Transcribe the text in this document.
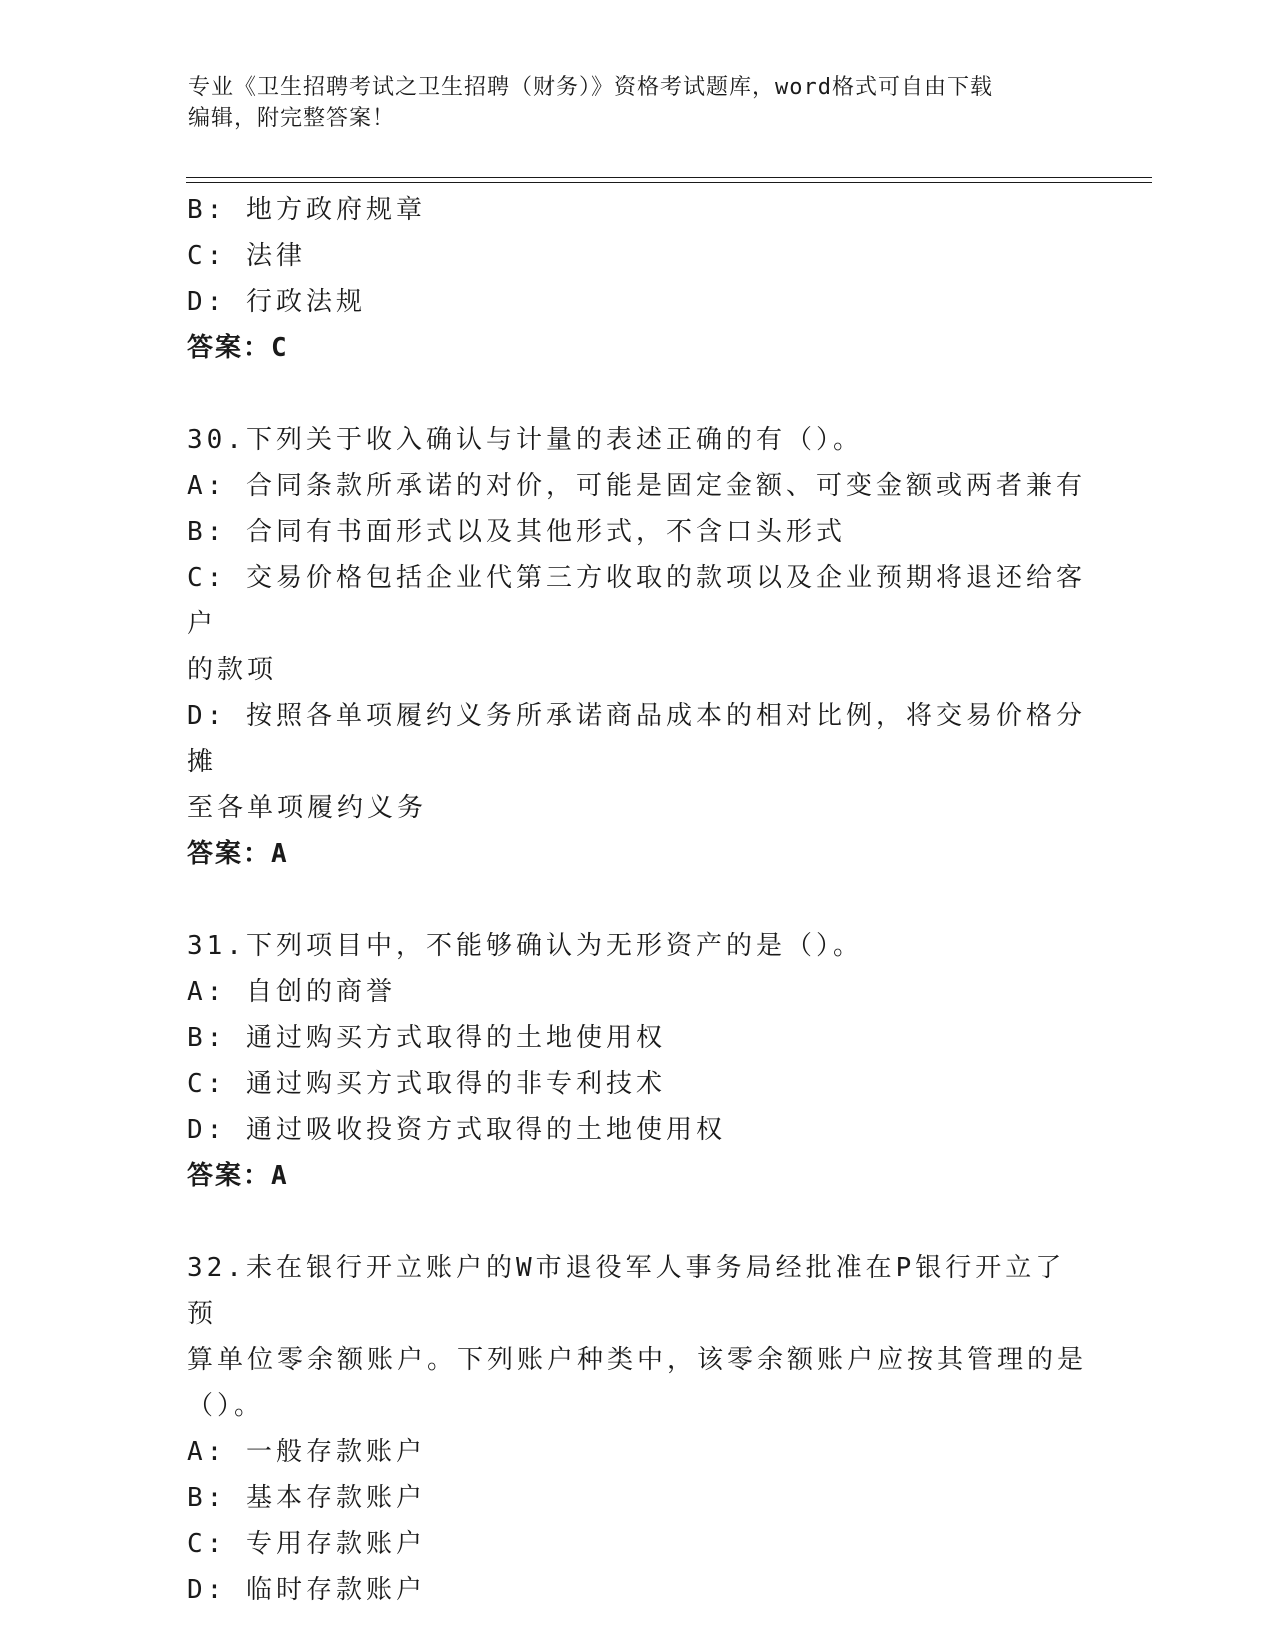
专业《卫生招聘考试之卫生招聘（财务）》资格考试题库，word格式可自由下载
编辑，附完整答案！

B: 地方政府规章

C: 法律

D: 行政法规

答案：C

30.下列关于收入确认与计量的表述正确的有（）。

A: 合同条款所承诺的对价，可能是固定金额、可变金额或两者兼有

B: 合同有书面形式以及其他形式，不含口头形式

C: 交易价格包括企业代第三方收取的款项以及企业预期将退还给客户

的款项

D: 按照各单项履约义务所承诺商品成本的相对比例，将交易价格分摊

至各单项履约义务

答案：A

31.下列项目中，不能够确认为无形资产的是（）。

A: 自创的商誉

B: 通过购买方式取得的土地使用权

C: 通过购买方式取得的非专利技术

D: 通过吸收投资方式取得的土地使用权

答案：A

32.未在银行开立账户的W市退役军人事务局经批准在P银行开立了预

算单位零余额账户。下列账户种类中，该零余额账户应按其管理的是

（）。

A: 一般存款账户

B: 基本存款账户

C: 专用存款账户

D: 临时存款账户
